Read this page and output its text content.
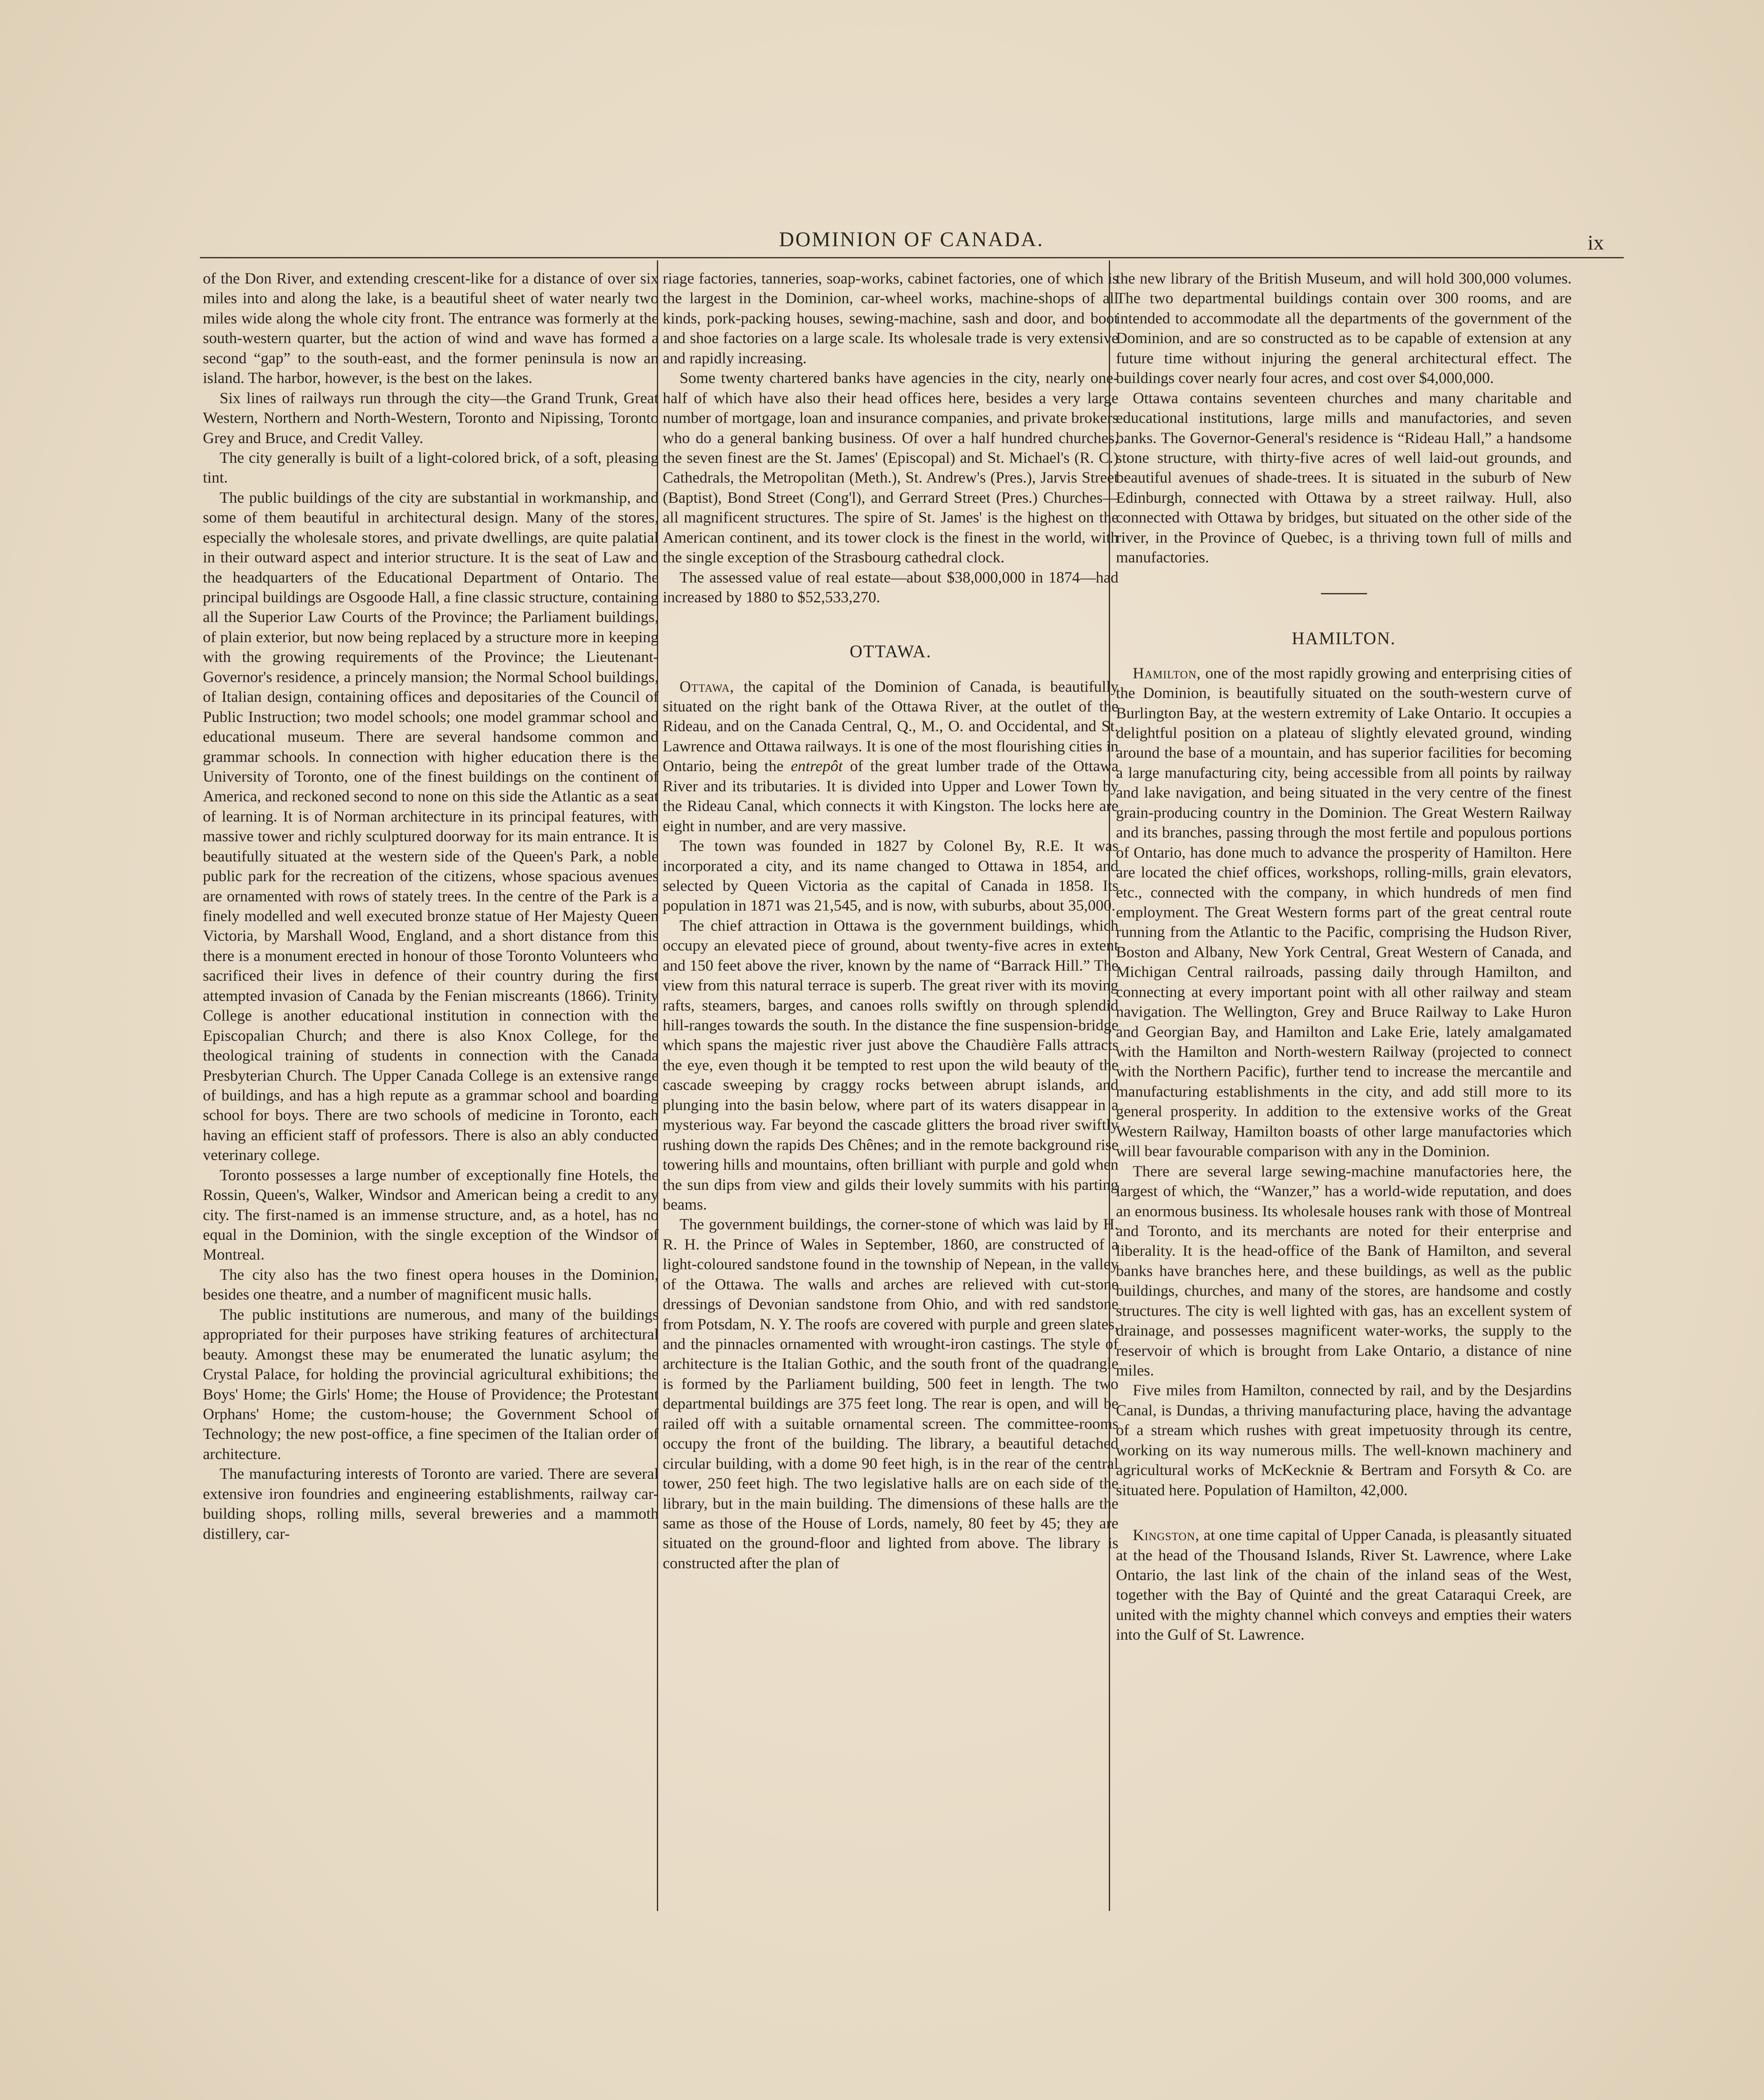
DOMINION OF CANADA.	ix

of the Don River, and extending crescent-like for a distance of over six miles into and along the lake, is a beautiful sheet of water nearly two miles wide along the whole city front. The entrance was formerly at the south-western quarter, but the action of wind and wave has formed a second “gap” to the south-east, and the former peninsula is now an island. The harbor, however, is the best on the lakes.

Six lines of railways run through the city—the Grand Trunk, Great Western, Northern and North-Western, Toronto and Nipissing, Toronto Grey and Bruce, and Credit Valley.

The city generally is built of a light-colored brick, of a soft, pleasing tint.

The public buildings of the city are substantial in workmanship, and some of them beautiful in architectural design. Many of the stores, especially the wholesale stores, and private dwellings, are quite palatial in their outward aspect and interior structure. It is the seat of Law and the headquarters of the Educational Department of Ontario. The principal buildings are Osgoode Hall, a fine classic structure, containing all the Superior Law Courts of the Province; the Parliament buildings, of plain exterior, but now being replaced by a structure more in keeping with the growing requirements of the Province; the Lieutenant-Governor's residence, a princely mansion; the Normal School buildings, of Italian design, containing offices and depositaries of the Council of Public Instruction; two model schools; one model grammar school and educational museum. There are several handsome common and grammar schools. In connection with higher education there is the University of Toronto, one of the finest buildings on the continent of America, and reckoned second to none on this side the Atlantic as a seat of learning. It is of Norman architecture in its principal features, with massive tower and richly sculptured doorway for its main entrance. It is beautifully situated at the western side of the Queen's Park, a noble public park for the recreation of the citizens, whose spacious avenues are ornamented with rows of stately trees. In the centre of the Park is a finely modelled and well executed bronze statue of Her Majesty Queen Victoria, by Marshall Wood, England, and a short distance from this there is a monument erected in honour of those Toronto Volunteers who sacrificed their lives in defence of their country during the first attempted invasion of Canada by the Fenian miscreants (1866). Trinity College is another educational institution in connection with the Episcopalian Church; and there is also Knox College, for the theological training of students in connection with the Canada Presbyterian Church. The Upper Canada College is an extensive range of buildings, and has a high repute as a grammar school and boarding school for boys. There are two schools of medicine in Toronto, each having an efficient staff of professors. There is also an ably conducted veterinary college.

Toronto possesses a large number of exceptionally fine Hotels, the Rossin, Queen's, Walker, Windsor and American being a credit to any city. The first-named is an immense structure, and, as a hotel, has no equal in the Dominion, with the single exception of the Windsor of Montreal.

The city also has the two finest opera houses in the Dominion, besides one theatre, and a number of magnificent music halls.

The public institutions are numerous, and many of the buildings appropriated for their purposes have striking features of architectural beauty. Amongst these may be enumerated the lunatic asylum; the Crystal Palace, for holding the provincial agricultural exhibitions; the Boys' Home; the Girls' Home; the House of Providence; the Protestant Orphans' Home; the custom-house; the Government School of Technology; the new post-office, a fine specimen of the Italian order of architecture.

The manufacturing interests of Toronto are varied. There are several extensive iron foundries and engineering establishments, railway car-building shops, rolling mills, several breweries and a mammoth distillery, car-

riage factories, tanneries, soap-works, cabinet factories, one of which is the largest in the Dominion, car-wheel works, machine-shops of all kinds, pork-packing houses, sewing-machine, sash and door, and boot and shoe factories on a large scale. Its wholesale trade is very extensive and rapidly increasing.

Some twenty chartered banks have agencies in the city, nearly one-half of which have also their head offices here, besides a very large number of mortgage, loan and insurance companies, and private brokers who do a general banking business. Of over a half hundred churches, the seven finest are the St. James' (Episcopal) and St. Michael's (R. C.) Cathedrals, the Metropolitan (Meth.), St. Andrew's (Pres.), Jarvis Street (Baptist), Bond Street (Cong'l), and Gerrard Street (Pres.) Churches—all magnificent structures. The spire of St. James' is the highest on the American continent, and its tower clock is the finest in the world, with the single exception of the Strasbourg cathedral clock.

The assessed value of real estate—about $38,000,000 in 1874—had increased by 1880 to $52,533,270.

OTTAWA.

Ottawa, the capital of the Dominion of Canada, is beautifully situated on the right bank of the Ottawa River, at the outlet of the Rideau, and on the Canada Central, Q., M., O. and Occidental, and St. Lawrence and Ottawa railways. It is one of the most flourishing cities in Ontario, being the entrepôt of the great lumber trade of the Ottawa River and its tributaries. It is divided into Upper and Lower Town by the Rideau Canal, which connects it with Kingston. The locks here are eight in number, and are very massive.

The town was founded in 1827 by Colonel By, R.E. It was incorporated a city, and its name changed to Ottawa in 1854, and selected by Queen Victoria as the capital of Canada in 1858. Its population in 1871 was 21,545, and is now, with suburbs, about 35,000.

The chief attraction in Ottawa is the government buildings, which occupy an elevated piece of ground, about twenty-five acres in extent and 150 feet above the river, known by the name of “Barrack Hill.” The view from this natural terrace is superb. The great river with its moving rafts, steamers, barges, and canoes rolls swiftly on through splendid hill-ranges towards the south. In the distance the fine suspension-bridge which spans the majestic river just above the Chaudière Falls attracts the eye, even though it be tempted to rest upon the wild beauty of the cascade sweeping by craggy rocks between abrupt islands, and plunging into the basin below, where part of its waters disappear in a mysterious way. Far beyond the cascade glitters the broad river swiftly rushing down the rapids Des Chênes; and in the remote background rise towering hills and mountains, often brilliant with purple and gold when the sun dips from view and gilds their lovely summits with his parting beams.

The government buildings, the corner-stone of which was laid by H. R. H. the Prince of Wales in September, 1860, are constructed of a light-coloured sandstone found in the township of Nepean, in the valley of the Ottawa. The walls and arches are relieved with cut-stone dressings of Devonian sandstone from Ohio, and with red sandstone from Potsdam, N. Y. The roofs are covered with purple and green slates, and the pinnacles ornamented with wrought-iron castings. The style of architecture is the Italian Gothic, and the south front of the quadrangle is formed by the Parliament building, 500 feet in length. The two departmental buildings are 375 feet long. The rear is open, and will be railed off with a suitable ornamental screen. The committee-rooms occupy the front of the building. The library, a beautiful detached circular building, with a dome 90 feet high, is in the rear of the central tower, 250 feet high. The two legislative halls are on each side of the library, but in the main building. The dimensions of these halls are the same as those of the House of Lords, namely, 80 feet by 45; they are situated on the ground-floor and lighted from above. The library is constructed after the plan of

the new library of the British Museum, and will hold 300,000 volumes. The two departmental buildings contain over 300 rooms, and are intended to accommodate all the departments of the government of the Dominion, and are so constructed as to be capable of extension at any future time without injuring the general architectural effect. The buildings cover nearly four acres, and cost over $4,000,000.

Ottawa contains seventeen churches and many charitable and educational institutions, large mills and manufactories, and seven banks. The Governor-General's residence is “Rideau Hall,” a handsome stone structure, with thirty-five acres of well laid-out grounds, and beautiful avenues of shade-trees. It is situated in the suburb of New Edinburgh, connected with Ottawa by a street railway. Hull, also connected with Ottawa by bridges, but situated on the other side of the river, in the Province of Quebec, is a thriving town full of mills and manufactories.

HAMILTON.

Hamilton, one of the most rapidly growing and enterprising cities of the Dominion, is beautifully situated on the south-western curve of Burlington Bay, at the western extremity of Lake Ontario. It occupies a delightful position on a plateau of slightly elevated ground, winding around the base of a mountain, and has superior facilities for becoming a large manufacturing city, being accessible from all points by railway and lake navigation, and being situated in the very centre of the finest grain-producing country in the Dominion. The Great Western Railway and its branches, passing through the most fertile and populous portions of Ontario, has done much to advance the prosperity of Hamilton. Here are located the chief offices, workshops, rolling-mills, grain elevators, etc., connected with the company, in which hundreds of men find employment. The Great Western forms part of the great central route running from the Atlantic to the Pacific, comprising the Hudson River, Boston and Albany, New York Central, Great Western of Canada, and Michigan Central railroads, passing daily through Hamilton, and connecting at every important point with all other railway and steam navigation. The Wellington, Grey and Bruce Railway to Lake Huron and Georgian Bay, and Hamilton and Lake Erie, lately amalgamated with the Hamilton and North-western Railway (projected to connect with the Northern Pacific), further tend to increase the mercantile and manufacturing establishments in the city, and add still more to its general prosperity. In addition to the extensive works of the Great Western Railway, Hamilton boasts of other large manufactories which will bear favourable comparison with any in the Dominion.

There are several large sewing-machine manufactories here, the largest of which, the “Wanzer,” has a world-wide reputation, and does an enormous business. Its wholesale houses rank with those of Montreal and Toronto, and its merchants are noted for their enterprise and liberality. It is the head-office of the Bank of Hamilton, and several banks have branches here, and these buildings, as well as the public buildings, churches, and many of the stores, are handsome and costly structures. The city is well lighted with gas, has an excellent system of drainage, and possesses magnificent water-works, the supply to the reservoir of which is brought from Lake Ontario, a distance of nine miles.

Five miles from Hamilton, connected by rail, and by the Desjardins Canal, is Dundas, a thriving manufacturing place, having the advantage of a stream which rushes with great impetuosity through its centre, working on its way numerous mills. The well-known machinery and agricultural works of McKecknie & Bertram and Forsyth & Co. are situated here. Population of Hamilton, 42,000.

Kingston, at one time capital of Upper Canada, is pleasantly situated at the head of the Thousand Islands, River St. Lawrence, where Lake Ontario, the last link of the chain of the inland seas of the West, together with the Bay of Quinté and the great Cataraqui Creek, are united with the mighty channel which conveys and empties their waters into the Gulf of St. Lawrence.
